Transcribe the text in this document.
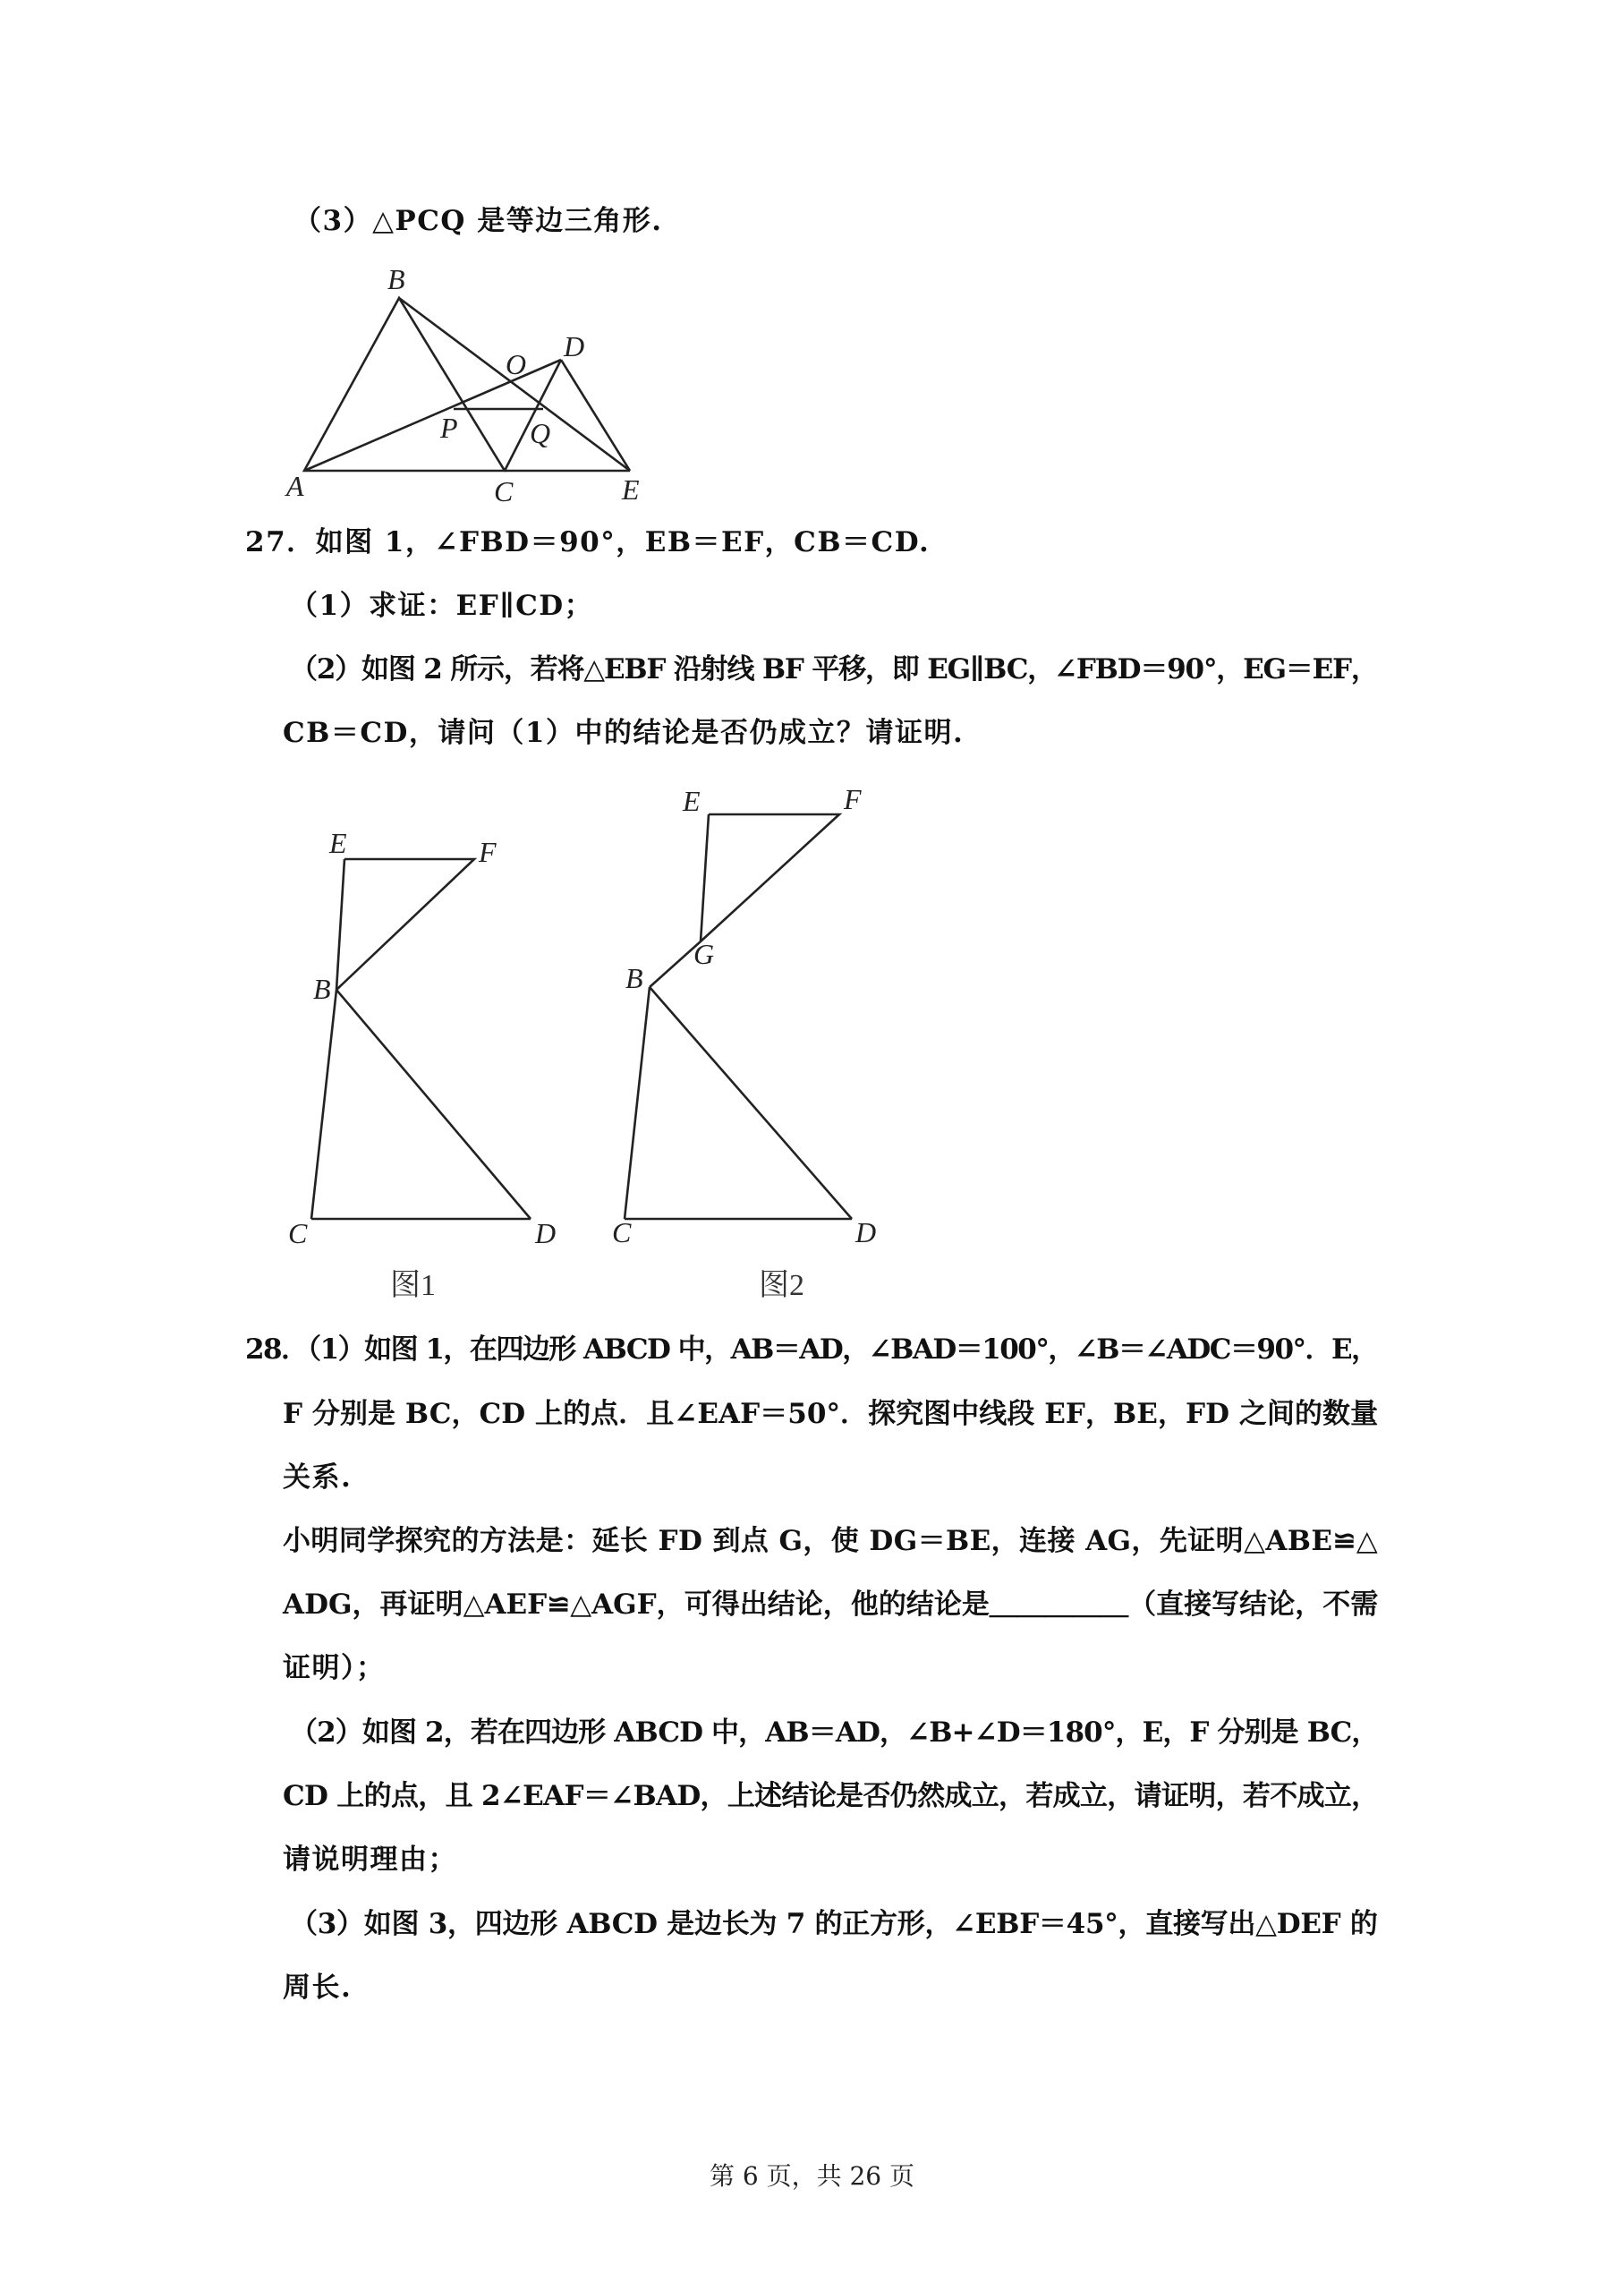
（3）△PCQ 是等边三角形.
27．如图 1，∠FBD＝90°，EB＝EF，CB＝CD.
（1）求证：EF∥CD；
（2）如图 2 所示，若将△EBF 沿射线 BF 平移，即 EG∥BC，∠FBD＝90°，EG＝EF，
CB＝CD，请问（1）中的结论是否仍成立？请证明.
B
D
O
P	Q
A	C	E
E	F
B
C	D
图1
E	F
G
B
C	D
图2
28．（1）如图 1，在四边形 ABCD 中，AB＝AD，∠BAD＝100°，∠B＝∠ADC＝90°．E，
F 分别是 BC，CD 上的点．且∠EAF＝50°．探究图中线段 EF，BE，FD 之间的数量
关系.
小明同学探究的方法是：延长 FD 到点 G，使 DG＝BE，连接 AG，先证明△ABE≌△
ADG，再证明△AEF≌△AGF，可得出结论，他的结论是＿＿＿＿＿（直接写结论，不需
证明）；
（2）如图 2，若在四边形 ABCD 中，AB＝AD，∠B+∠D＝180°，E，F 分别是 BC，
CD 上的点，且 2∠EAF＝∠BAD，上述结论是否仍然成立，若成立，请证明，若不成立，
请说明理由；
（3）如图 3，四边形 ABCD 是边长为 7 的正方形，∠EBF＝45°，直接写出△DEF 的
周长.
第 6 页，共 26 页
